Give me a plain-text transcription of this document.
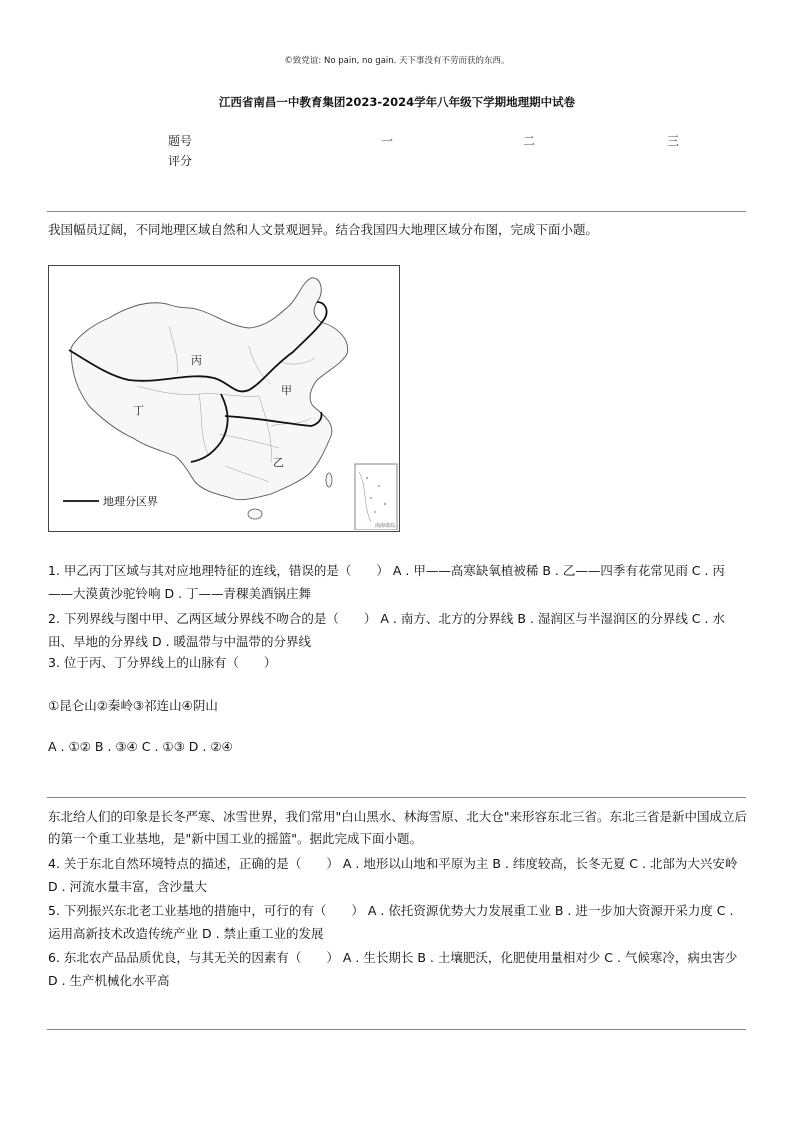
©致党谊: No pain, no gain. 天下事没有不劳而获的东西。
江西省南昌一中教育集团2023-2024学年八年级下学期地理期中试卷
题号	一	二	三
评分
我国幅员辽阔，不同地理区域自然和人文景观迥异。结合我国四大地理区域分布图，完成下面小题。
丙
甲
丁
乙
地理分区界
南海诸岛
1. 甲乙丙丁区域与其对应地理特征的连线，错误的是（　　） A . 甲——高寒缺氧植被稀 B . 乙——四季有花常见雨 C . 丙——大漠黄沙驼铃响 D . 丁——青稞美酒锅庄舞
2. 下列界线与图中甲、乙两区域分界线不吻合的是（　　） A . 南方、北方的分界线 B . 湿润区与半湿润区的分界线 C . 水田、旱地的分界线 D . 暖温带与中温带的分界线
3. 位于丙、丁分界线上的山脉有（　　）
①昆仑山②秦岭③祁连山④阴山
A . ①② B . ③④ C . ①③ D . ②④
东北给人们的印象是长冬严寒、冰雪世界，我们常用"白山黑水、林海雪原、北大仓"来形容东北三省。东北三省是新中国成立后的第一个重工业基地，是"新中国工业的摇篮"。据此完成下面小题。
4. 关于东北自然环境特点的描述，正确的是（　　） A . 地形以山地和平原为主 B . 纬度较高，长冬无夏 C . 北部为大兴安岭 D . 河流水量丰富，含沙量大
5. 下列振兴东北老工业基地的措施中，可行的有（　　） A . 依托资源优势大力发展重工业 B . 进一步加大资源开采力度 C . 运用高新技术改造传统产业 D . 禁止重工业的发展
6. 东北农产品品质优良，与其无关的因素有（　　） A . 生长期长 B . 土壤肥沃，化肥使用量相对少 C . 气候寒冷，病虫害少 D . 生产机械化水平高
